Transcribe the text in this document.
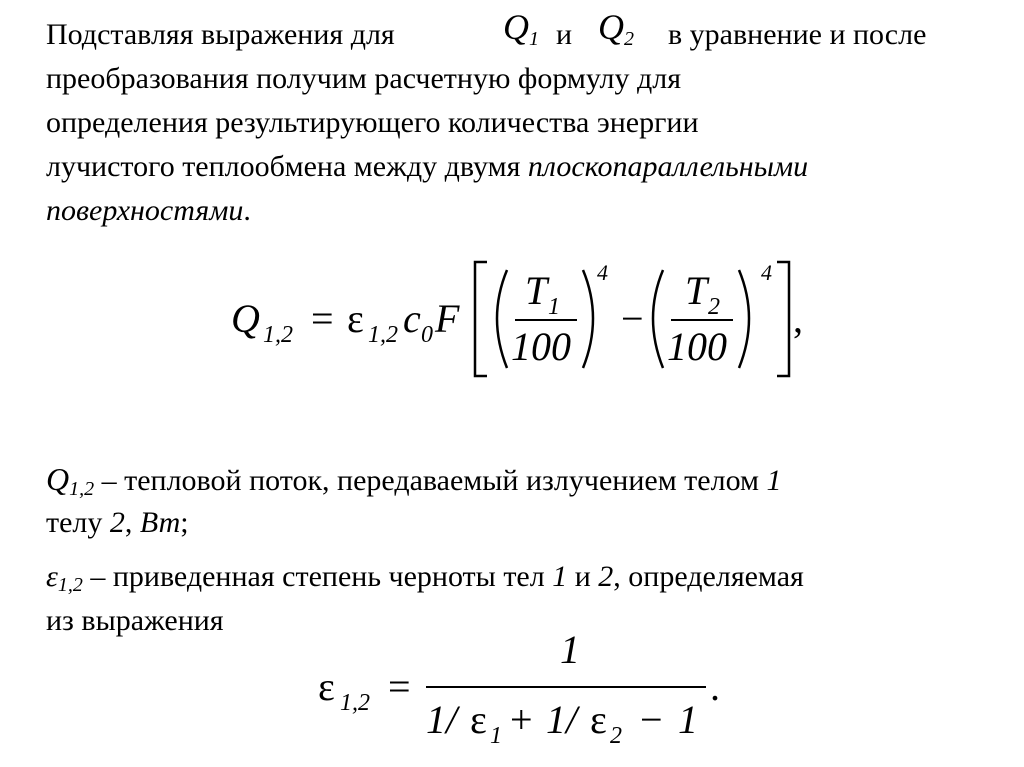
Подставляя выражения для	$Q_1$ и $Q_2$ в уравнение и после
преобразования получим расчетную формулу для
определения результирующего количества энергии
лучистого теплообмена между двумя плоскопараллельными
поверхностями.
Q 1,2 = ε 1,2 c 0 F
T 1
100
4
−
T 2
100
4
,
$Q_{1,2}$ – тепловой поток, передаваемый излучением телом 1
телу 2, Вт;
$\varepsilon_{1,2}$ – приведенная степень черноты тел 1 и 2, определяемая
из выражения
ε 1,2 =
1
1/ ε 1 + 1/ ε 2 − 1
.
